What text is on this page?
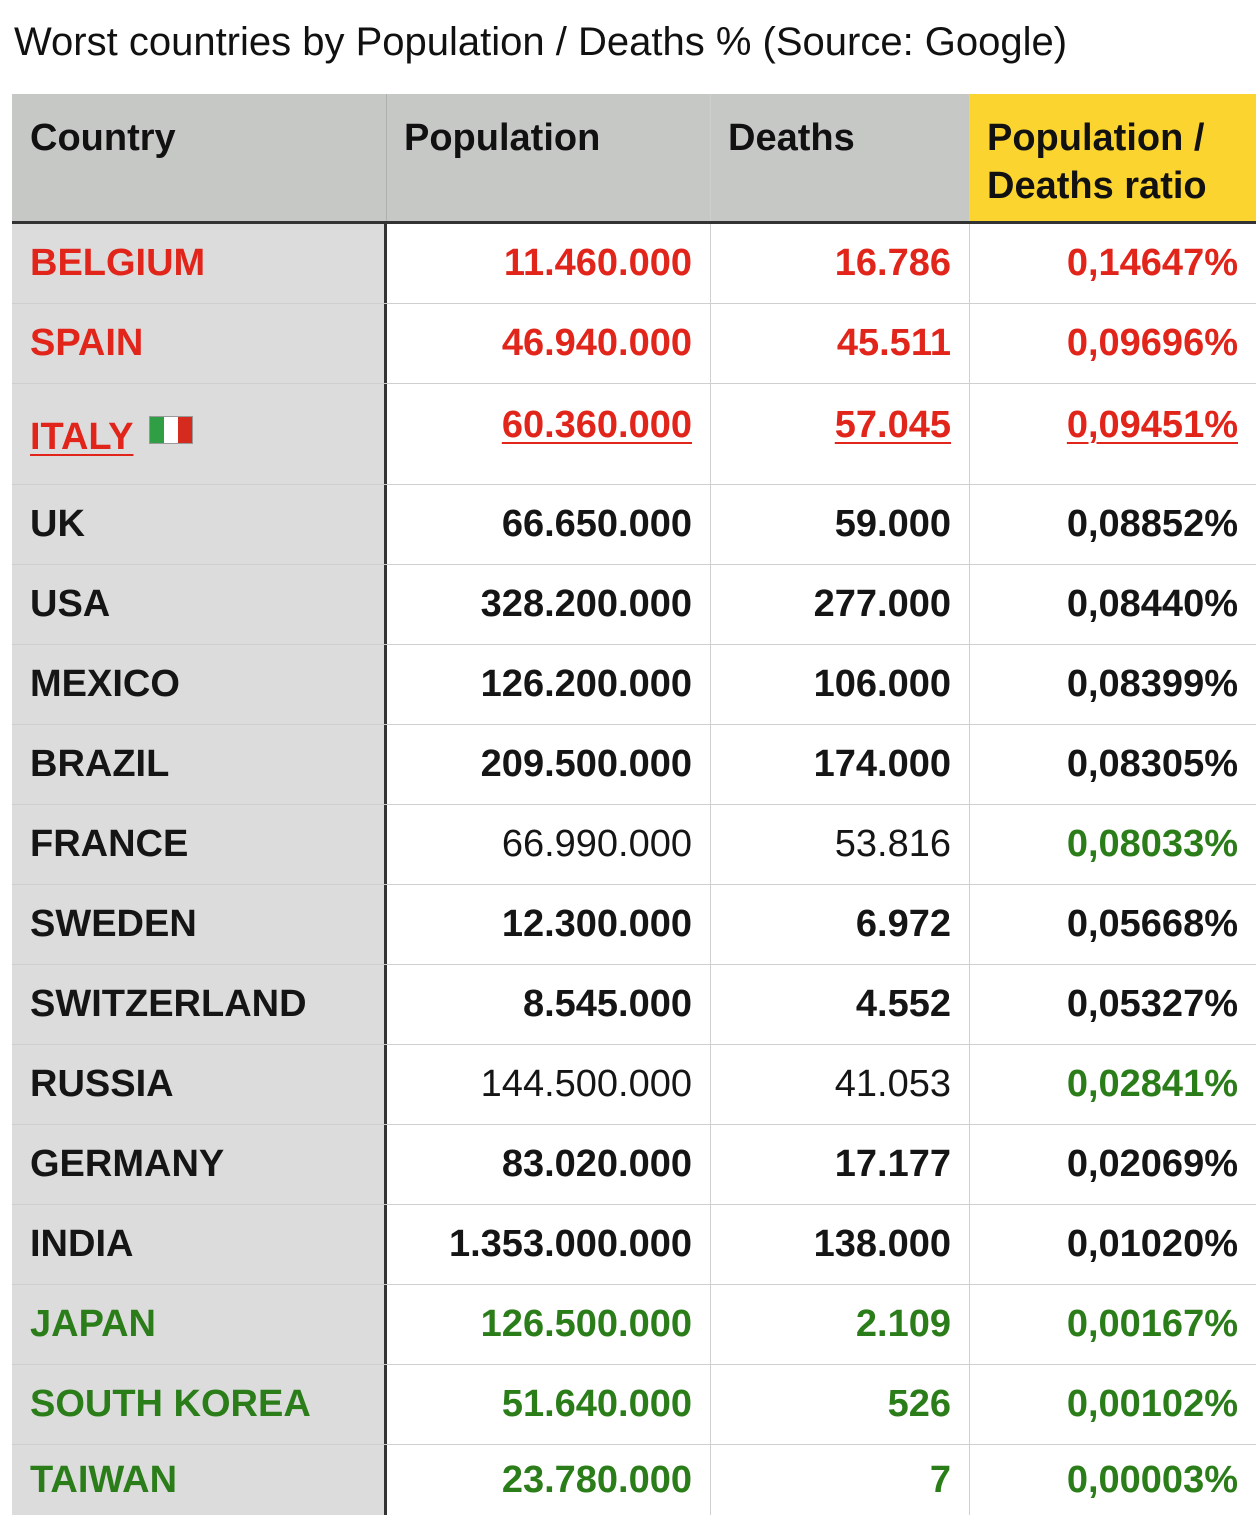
Worst countries by Population / Deaths % (Source: Google)
Country	Population	Deaths	Population / Deaths ratio
BELGIUM	11.460.000	16.786	0,14647%
SPAIN	46.940.000	45.511	0,09696%
ITALY	60.360.000	57.045	0,09451%
UK	66.650.000	59.000	0,08852%
USA	328.200.000	277.000	0,08440%
MEXICO	126.200.000	106.000	0,08399%
BRAZIL	209.500.000	174.000	0,08305%
FRANCE	66.990.000	53.816	0,08033%
SWEDEN	12.300.000	6.972	0,05668%
SWITZERLAND	8.545.000	4.552	0,05327%
RUSSIA	144.500.000	41.053	0,02841%
GERMANY	83.020.000	17.177	0,02069%
INDIA	1.353.000.000	138.000	0,01020%
JAPAN	126.500.000	2.109	0,00167%
SOUTH KOREA	51.640.000	526	0,00102%
TAIWAN	23.780.000	7	0,00003%
